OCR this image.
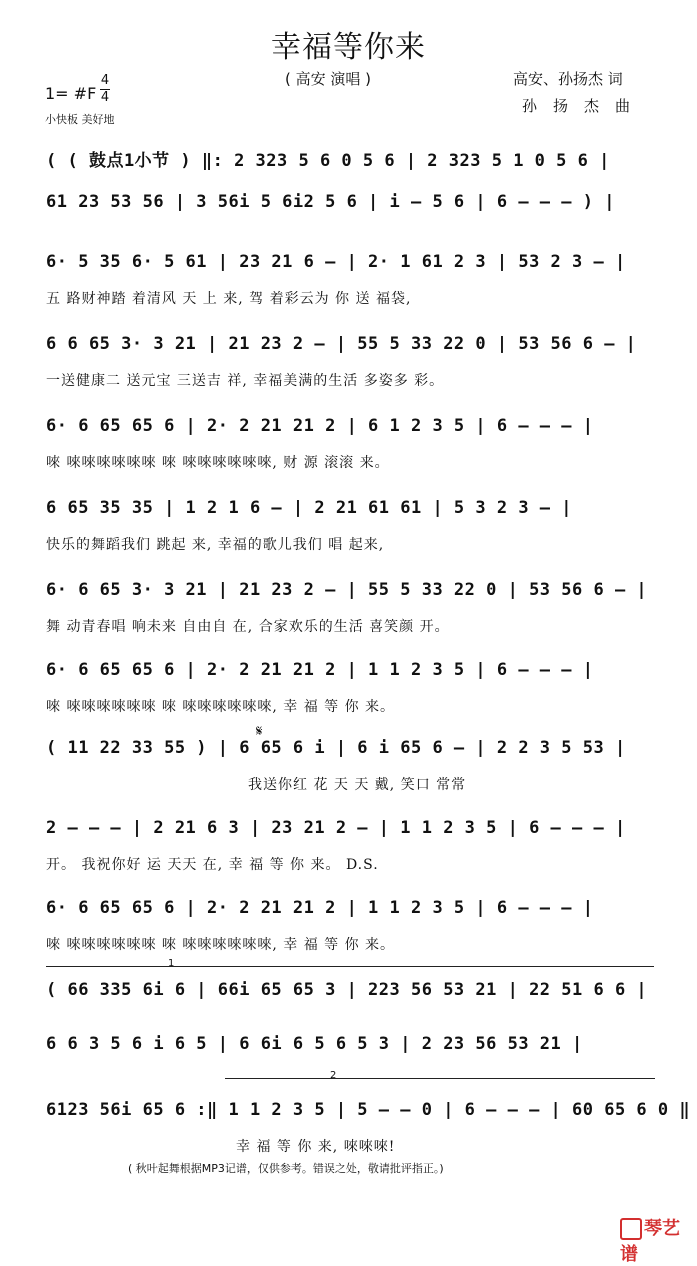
幸福等你来
( 高安 演唱 )	高安、孙扬杰 词
孙扬杰曲
1= #F
4
4
小快板 美好地
( ( 鼓点1小节 ) ‖: 2 323 5 6 0 5 6 | 2 323 5 1 0 5 6 |
61 23 53 56 | 3 56i 5 6i2 5 6 | i – 5 6 | 6 – – – ) |
6· 5 35 6· 5 61 | 23 21 6 – | 2· 1 61 2 3 | 53 2 3 – |
五 路财神踏 着清风 天 上 来, 驾 着彩云为 你 送 福袋,
6 6 65 3· 3 21 | 21 23 2 – | 55 5 33 22 0 | 53 56 6 – |
一送健康二 送元宝 三送吉 祥, 幸福美满的生活 多姿多 彩。
6· 6 65 65 6 | 2· 2 21 21 2 | 6 1 2 3 5 | 6 – – – |
唻 唻唻唻唻唻唻 唻 唻唻唻唻唻唻, 财 源 滚滚 来。
6 65 35 35 | 1 2 1 6 – | 2 21 61 61 | 5 3 2 3 – |
快乐的舞蹈我们 跳起 来, 幸福的歌儿我们 唱 起来,
6· 6 65 3· 3 21 | 21 23 2 – | 55 5 33 22 0 | 53 56 6 – |
舞 动青春唱 响未来 自由自 在, 合家欢乐的生活 喜笑颜 开。
6· 6 65 65 6 | 2· 2 21 21 2 | 1 1 2 3 5 | 6 – – – |
唻 唻唻唻唻唻唻 唻 唻唻唻唻唻唻, 幸 福 等 你 来。
( 11 22 33 55 ) | 6 65 6 i | 6 i 65 6 – | 2 2 3 5 53 |
我送你红 花 天 天 戴, 笑口 常常
2 – – – | 2 21 6 3 | 23 21 2 – | 1 1 2 3 5 | 6 – – – |
开。 我祝你好 运 天天 在, 幸 福 等 你 来。 D.S.
6· 6 65 65 6 | 2· 2 21 21 2 | 1 1 2 3 5 | 6 – – – |
唻 唻唻唻唻唻唻 唻 唻唻唻唻唻唻, 幸 福 等 你 来。
( 66 335 6i 6 | 66i 65 65 3 | 223 56 53 21 | 22 51 6 6 |
6 6 3 5 6 i 6 5 | 6 6i 6 5 6 5 3 | 2 23 56 53 21 |
6123 56i 65 6 :‖ 1 1 2 3 5 | 5 – – 0 | 6 – – – | 60 65 6 0 ‖
幸 福 等 你 来, 唻唻唻!
𝄋
1
2
( 秋叶起舞根据MP3记谱，仅供参考。错误之处，敬请批评指正。)
琴艺谱
